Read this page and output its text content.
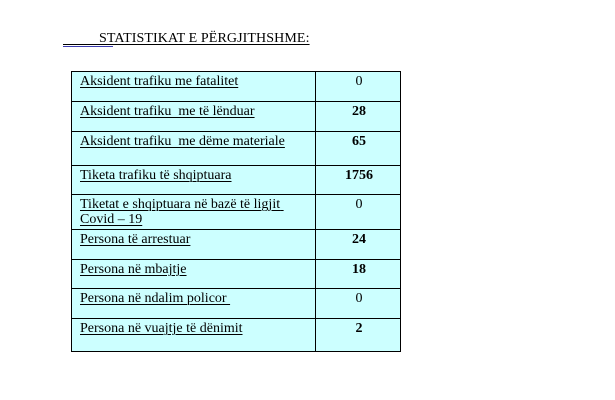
STATISTIKAT E PËRGJITHSHME:
Aksident trafiku me fatalitet	0
Aksident trafiku  me të lënduar	28
Aksident trafiku  me dëme materiale	65
Tiketa trafiku të shqiptuara	1756
Tiketat e shqiptuara në bazë të ligjit Covid – 19	0
Persona të arrestuar	24
Persona në mbajtje	18
Persona në ndalim policor	0
Persona në vuajtje të dënimit	2
